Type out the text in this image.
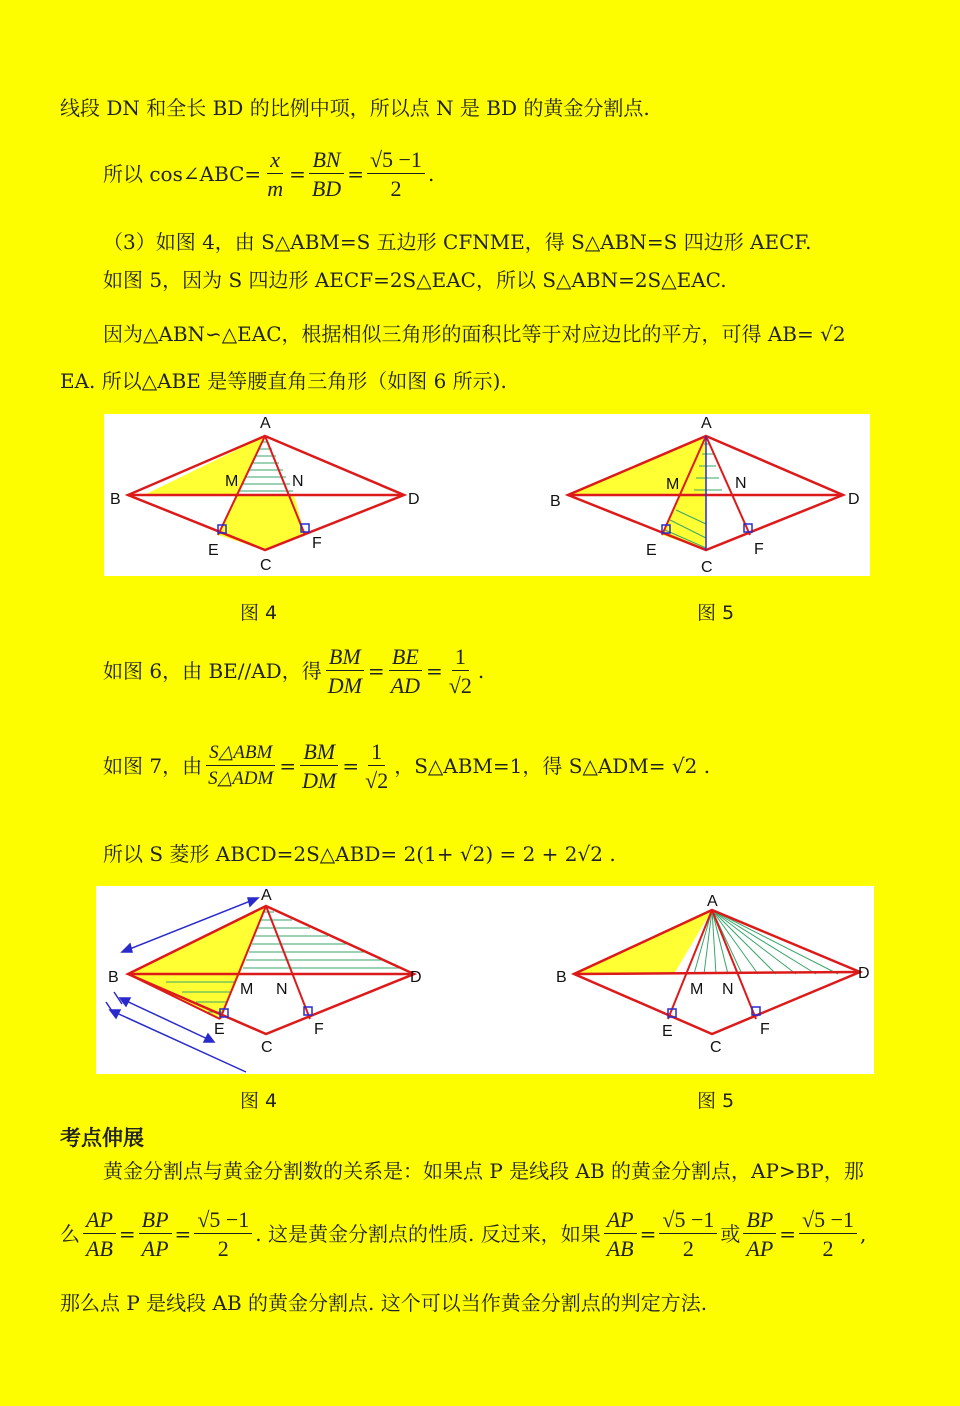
线段 DN 和全长 BD 的比例中项，所以点 N 是 BD 的黄金分割点.
所以 cos∠ABC= $\frac{x}{m} = \frac{BN}{BD} = \frac{√5 -1}{2}$ .
（3）如图 4，由 S△ABM=S 五边形 CFNME，得 S△ABN=S 四边形 AECF.
如图 5，因为 S 四边形 AECF=2S△EAC，所以 S△ABN=2S△EAC.
因为△ABN∽△EAC，根据相似三角形的面积比等于对应边比的平方，可得 AB= √2
EA. 所以△ABE 是等腰直角三角形（如图 6 所示).
A
B
C
D
E	F
M	N
A
B
C
D
E	F
M	N
图 4	图 5
如图 6，由 BE//AD，得 $\frac{BM}{DM} = \frac{BE}{AD} = \frac{1}{√2}$ .
如图 7，由 $\frac{\text{S△ABM}}{\text{S△ADM}} = \frac{BM}{DM} = \frac{1}{√2}$ ，S△ABM=1，得 S△ADM= √2 .
所以 S 菱形 ABCD=2S△ABD= 2(1+ √2) = 2 + 2√2 .
A
B
C
D
E	F
M N
A
B
C
D
E	F
M N
图 4	图 5
考点伸展
黄金分割点与黄金分割数的关系是：如果点 P 是线段 AB 的黄金分割点，AP>BP，那
么 $\frac{AP}{AB} = \frac{BP}{AP} = \frac{√5 -1}{2}$ . 这是黄金分割点的性质. 反过来，如果 $\frac{AP}{AB} = \frac{√5 -1}{2}$ 或 $\frac{BP}{AP} = \frac{√5 -1}{2}$ ,
那么点 P 是线段 AB 的黄金分割点. 这个可以当作黄金分割点的判定方法.
